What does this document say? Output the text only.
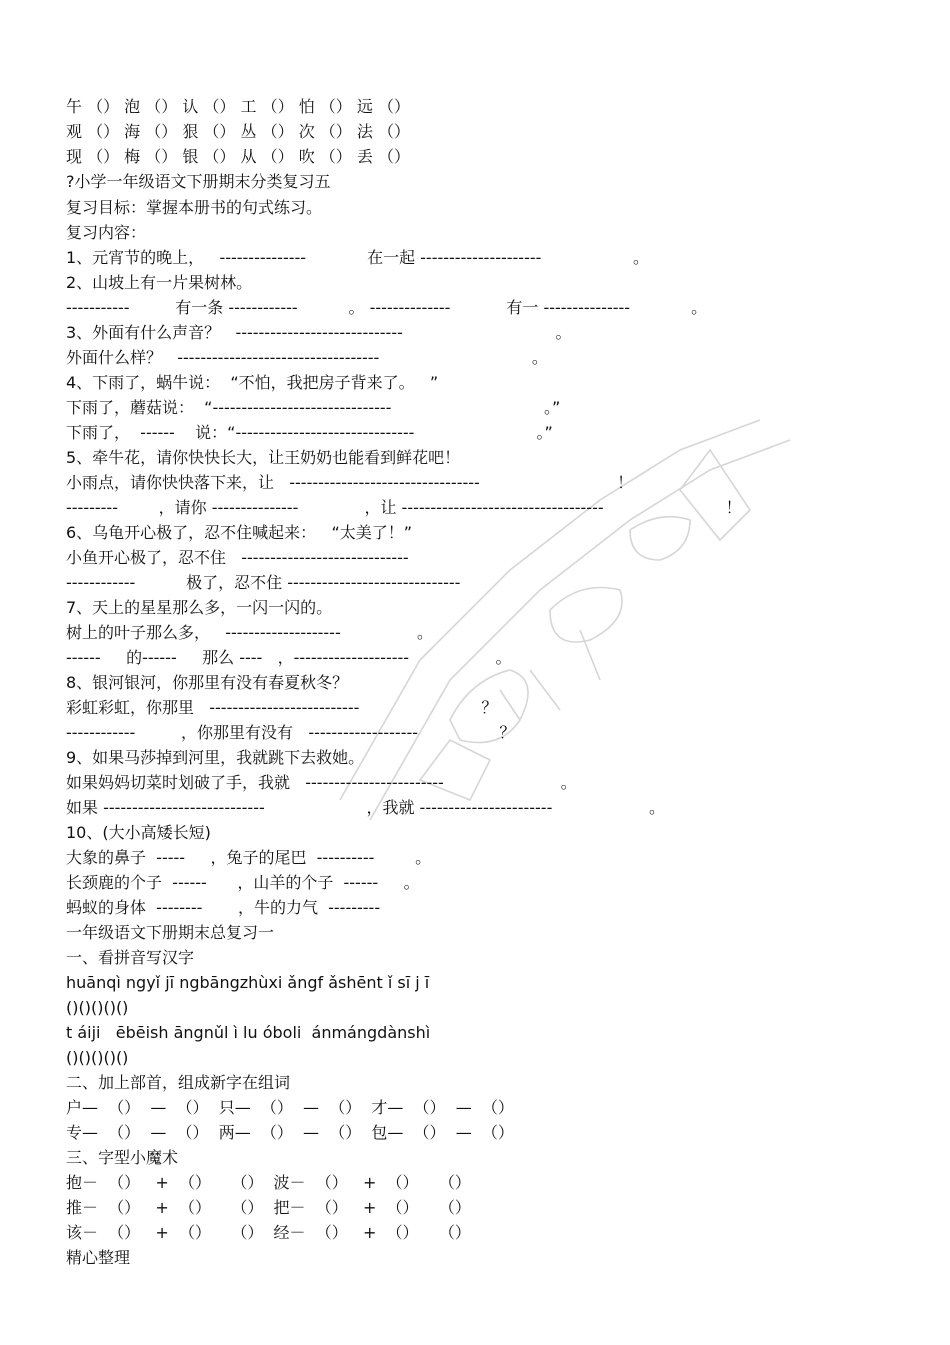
午 （） 泡 （） 认 （） 工 （） 怕 （） 远 （）
观 （） 海 （） 狠 （） 丛 （） 次 （） 法 （）
现 （） 梅 （） 银 （） 从 （） 吹 （） 丢 （）
?小学一年级语文下册期末分类复习五
复习目标：掌握本册书的句式练习。
复习内容：
1、元宵节的晚上，   ---------------            在一起 ---------------------                  。
2、山坡上有一片果树林。
-----------         有一条 ------------          。 --------------           有一 ---------------            。
3、外面有什么声音？   -----------------------------                              。
外面什么样？   -----------------------------------                              。
4、下雨了，蜗牛说：  “不怕，我把房子背来了。   ”
下雨了，蘑菇说：  “-------------------------------                              。”
下雨了，  ------    说：“-------------------------------                        。”
5、牵牛花，请你快快长大，让王奶奶也能看到鲜花吧！
小雨点，请你快快落下来，让   ---------------------------------                           ！
---------        ，请你 ---------------             ，让 -----------------------------------                        ！
6、乌龟开心极了，忍不住喊起来：   “太美了！”
小鱼开心极了，忍不住   -----------------------------
------------          极了，忍不住 ------------------------------
7、天上的星星那么多，一闪一闪的。
树上的叶子那么多，   --------------------               。
------     的------     那么 ----   ，--------------------                 。
8、银河银河，你那里有没有春夏秋冬？
彩虹彩虹，你那里   --------------------------                        ？
------------         ，你那里有没有   -------------------                ？
9、如果马莎掉到河里，我就跳下去救她。
如果妈妈切菜时划破了手，我就   ------------------------                       。
如果 ----------------------------                    ，我就 -----------------------                   。
10、(大小高矮长短)
大象的鼻子  -----     ，兔子的尾巴  ----------        。
长颈鹿的个子  ------      ，山羊的个子  ------     。
蚂蚁的身体  --------       ，牛的力气  ---------
一年级语文下册期末总复习一
一、看拼音写汉字
huānqì ngyǐ jī ngbāngzhùxi ǎngf ǎshēnt ǐ sī j ī
()()()()()
t áiji   ēbēish āngnǔl ì lu óboli  ánmángdànshì
()()()()()
二、加上部首，组成新字在组词
户—  （）  —  （）  只—  （）  —  （）  才—  （）  —  （）
专—  （）  —  （）  两—  （）  —  （）  包—  （）  —  （）
三、字型小魔术
抱－  （）   +  （）    （）  波－  （）   +  （）    （）
推－  （）   +  （）    （）  把－  （）   +  （）    （）
该－  （）   +  （）    （）  经－  （）   +  （）    （）
精心整理
